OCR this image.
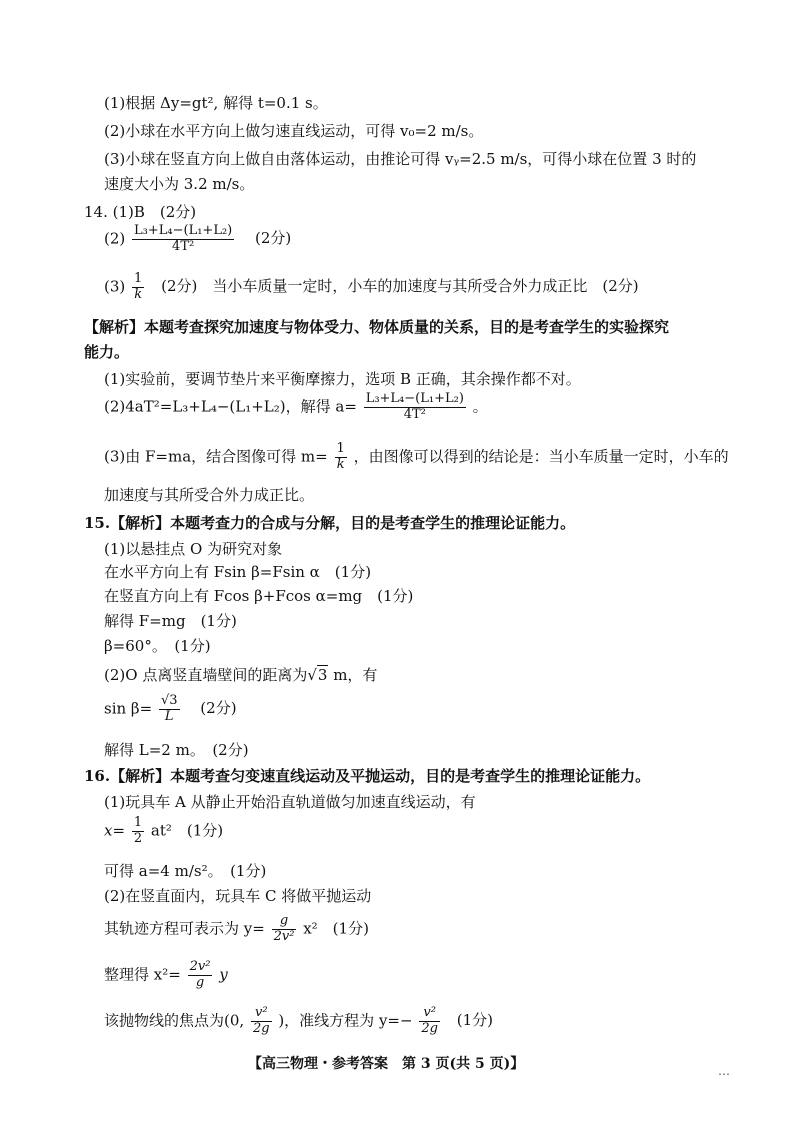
(1)根据 Δy=gt², 解得 t=0.1 s。
(2)小球在水平方向上做匀速直线运动，可得 v₀=2 m/s。
(3)小球在竖直方向上做自由落体运动，由推论可得 vᵧ=2.5 m/s，可得小球在位置 3 时的
速度大小为 3.2 m/s。
14. (1)B　(2分)
$(2) \frac{\text{L₃+L₄−(L₁+L₂)}}{\text{4T²}} (2$分)
$(3) \frac{1}{k} (2$分)　当小车质量一定时，小车的加速度与其所受合外力成正比　(2分)
【解析】本题考查探究加速度与物体受力、物体质量的关系，目的是考查学生的实验探究
能力。
(1)实验前，要调节垫片来平衡摩擦力，选项 B 正确，其余操作都不对。
(2)4aT²=L₃+L₄−(L₁+L₂)，解得 $a= \frac{\text{L₃+L₄−(L₁+L₂)}}{\text{4T²}}$ 。
(3)由 F=ma，结合图像可得 $m= \frac{1}{k}$ ，由图像可以得到的结论是：当小车质量一定时，小车的
加速度与其所受合外力成正比。
15.【解析】本题考查力的合成与分解，目的是考查学生的推理论证能力。
(1)以悬挂点 O 为研究对象
在水平方向上有 Fsin β=Fsin α　(1分)
在竖直方向上有 Fcos β+Fcos α=mg　(1分)
解得 F=mg　(1分)
β=60°。　(1分)
(2)O 点离竖直墙壁间的距离为√3 m，有
$\sin \beta= \frac{√3}{L} (2$分)
解得 L=2 m。　(2分)
16.【解析】本题考查匀变速直线运动及平抛运动，目的是考查学生的推理论证能力。
(1)玩具车 A 从静止开始沿直轨道做匀加速直线运动，有
$x= \frac{1}{2} at^2$　(1分)
可得 a=4 m/s²。　(1分)
(2)在竖直面内，玩具车 C 将做平抛运动
其轨迹方程可表示为 $y= \frac{g}{\text{2v²}} x^2$　(1分)
整理得 $x^2= \frac{\text{2v²}}{g}$ y
该抛物线的焦点为(0, $\frac{\text{v²}}{2g}$ )，准线方程为 $y=- \frac{\text{v²}}{2g} (1$分)
【高三物理・参考答案　第 3 页(共 5 页)】	…
